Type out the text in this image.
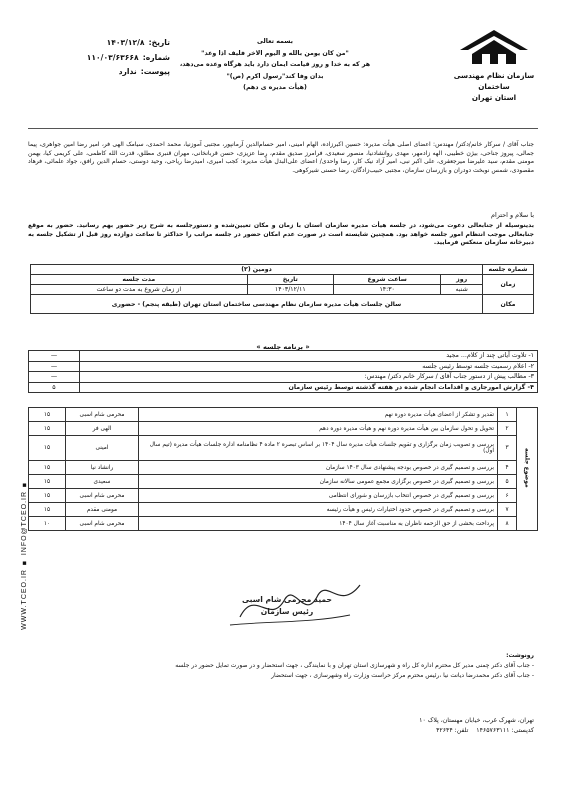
سازمان نظام مهندسی ساختمان
استان تهران
بسمه تعالی
"من کان یومن بالله و الیوم الاخر فلیف اذا وعد"
هر که به خدا و روز قیامت ایمان دارد باید هرگاه وعده می‌دهد،
بدان وفا کند"رسول اکرم (ص)"
(هیأت مدیره ی دهم)
تاریخ:
۱۴۰۳/۱۲/۸
شماره:
۱۱۰/۰۳/۶۳۶۶۸
پیوست:
ندارد
جناب آقای / سرکار خانم/دکتر/ مهندس: اعضای اصلی هیأت مدیره: حسین اکبرزاده، الهام امینی، امیر حسام‌الدین آرمانپور، مجتبی آموزنیا، محمد احمدی، سیامک الهی فر، امیر رضا امین جواهری، پیما جمالی، پیروز جناحی، بیژن خطیبی، الهه زادمهر، مهدی روانشادنیا، منصور سعیدی، فرامرز صدیق مقدم، رضا عزیزی، حسن قربانخانی، مهران قنبری مطلق، قدرت الله کاظمی، علی کریمی کیا، بهمن مومنی مقدم، سید علیرضا میرجعفری، علی اکبر نبی، امیر آزاد نیک کار، رضا واحدی/ اعضای علی‌البدل هیأت مدیره: کجب امیری، امیدرضا ریاحی، وحید دوستی، حسام الدین رافق، جواد علمائی، فرهاد مقصودی، شمس نوبخت دودران و بازرسان سازمان، مجتبی حبیب‌زادگان، رضا حسنی شیرکوهی.
با سلام و احترام
بدینوسیله از جنابعالی دعوت می‌شود، در جلسه هیأت مدیره سازمان استان با زمان و مکان تعیین‌شده و دستورجلسه به شرح زیر حضور بهم رسانید. حضور به موقع جنابعالی موجب انتظام امور جلسه خواهد بود. همچنین شایسته است در صورت عدم امکان حضور در جلسه مراتب را حداکثر تا ساعت دوازده روز قبل از تشکیل جلسه به دبیرخانه سازمان منعکس فرمایید.
شماره جلسه	دومین (۲)			
زمان	روز	ساعت شروع	تاریخ	مدت جلسه
	شنبه	۱۴:۳۰	۱۴۰۳/۱۲/۱۱	از زمان شروع به مدت دو ساعت
مکان	سالن جلسات هیأت مدیره سازمان نظام مهندسی ساختمان استان تهران (طبقه پنجم) - حضوری			
« برنامه جلسه »
۱- تلاوت آیاتی چند از کلام... مجید	—
۲- اعلام رسمیت جلسه توسط رئیس جلسه	—
۳- مطالب پیش از دستور جناب آقای / سرکار خانم دکتر/ مهندس:	—
۴- گزارش امورجاری و اقدامات انجام شده در هفته گذشته توسط رئیس سازمان	۵
موضوع جلسه	۱	تقدیر و تشکر از اعضای هیأت مدیره دوره نهم	محرمی شام اسبی	۱۵
	۲	تحویل و تحول سازمان بین هیأت مدیره دوره نهم و هیأت مدیره دوره دهم	الهی فر	۱۵
	۳	بررسی و تصویب زمان برگزاری و تقویم جلسات هیأت مدیره سال ۱۴۰۴ بر اساس تبصره ۲ ماده ۴ نظامنامه اداره جلسات هیأت مدیره (تیم سال اول)	امینی	۱۵
	۴	بررسی و تصمیم گیری در خصوص بودجه پیشنهادی سال ۱۴۰۳ سازمان	رانشاد نیا	۱۵
	۵	بررسی و تصمیم گیری در خصوص برگزاری مجمع عمومی سالانه سازمان	سعیدی	۱۵
	۶	بررسی و تصمیم گیری در خصوص انتخاب بازرسان و شورای انتظامی	محرمی شام اسبی	۱۵
	۷	بررسی و تصمیم گیری در خصوص حدود اختیارات رئیس و هیأت رئیسه	مومنی مقدم	۱۵
	۸	پرداخت بخشی از حق الزحمه ناظران به مناسبت آغاز سال ۱۴۰۴	محرمی شام اسبی	۱۰
حمید محرمی شام اسبی
رئیس سازمان
رونوشت:
- جناب آقای دکتر چمنی مدیر کل محترم اداره کل راه و شهرسازی استان تهران و با نمایندگی ، جهت استحضار و در صورت تمایل حضور در جلسه
- جناب آقای دکتر محمدرضا دیانت نیا ،رئیس محترم مرکز حراست وزارت راه وشهرسازی ، جهت استحضار
تهران، شهرک غرب، خیابان مهستان، پلاک ۱۰
کدپستی: ۱۴۶۵۷۶۳۱۱۱    تلفن: ۴۲۶۴۴
WWW.TCEO.IR ■ INFO@TCEO.IR ■
